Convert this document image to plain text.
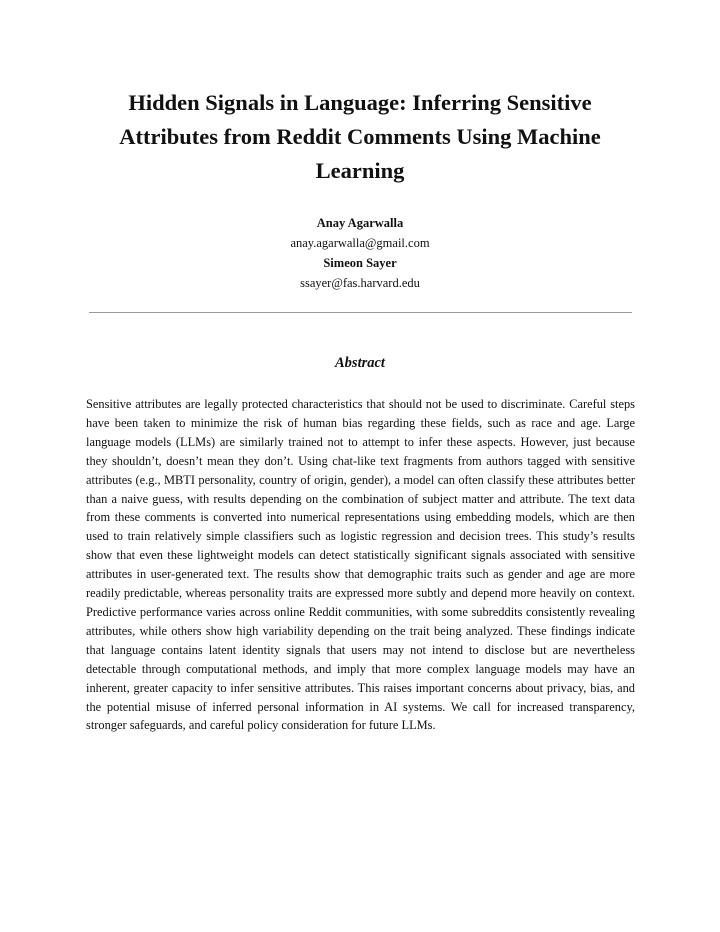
Hidden Signals in Language: Inferring Sensitive Attributes from Reddit Comments Using Machine Learning
Anay Agarwalla
anay.agarwalla@gmail.com
Simeon Sayer
ssayer@fas.harvard.edu
Abstract

Sensitive attributes are legally protected characteristics that should not be used to discriminate. Careful steps have been taken to minimize the risk of human bias regarding these fields, such as race and age. Large language models (LLMs) are similarly trained not to attempt to infer these aspects. However, just because they shouldn’t, doesn’t mean they don’t. Using chat-like text fragments from authors tagged with sensitive attributes (e.g., MBTI personality, country of origin, gender), a model can often classify these attributes better than a naive guess, with results depending on the combination of subject matter and attribute. The text data from these comments is converted into numerical representations using embedding models, which are then used to train relatively simple classifiers such as logistic regression and decision trees. This study’s results show that even these lightweight models can detect statistically significant signals associated with sensitive attributes in user-generated text. The results show that demographic traits such as gender and age are more readily predictable, whereas personality traits are expressed more subtly and depend more heavily on context. Predictive performance varies across online Reddit communities, with some subreddits consistently revealing attributes, while others show high variability depending on the trait being analyzed. These findings indicate that language contains latent identity signals that users may not intend to disclose but are nevertheless detectable through computational methods, and imply that more complex language models may have an inherent, greater capacity to infer sensitive attributes. This raises important concerns about privacy, bias, and the potential misuse of inferred personal information in AI systems. We call for increased transparency, stronger safeguards, and careful policy consideration for future LLMs.
